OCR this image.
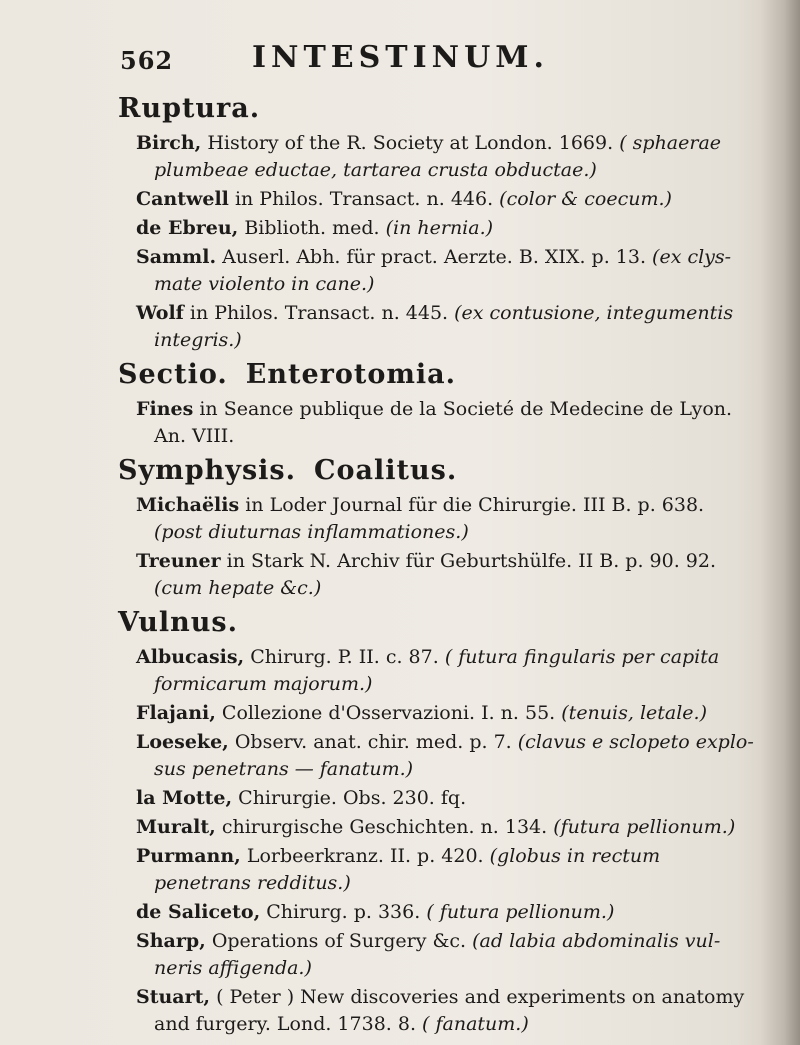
562	INTESTINUM.
Ruptura.

Birch, History of the R. Society at London. 1669. ( sphaerae plumbeae eductae, tartarea crusta obductae.)

Cantwell in Philos. Transact. n. 446. (color & coecum.)

de Ebreu, Biblioth. med. (in herniа.)

Samml. Auserl. Abh. für pract. Aerzte. B. XIX. p. 13. (ex clys-mate violento in cane.)

Wolf in Philos. Transact. n. 445. (ex contusione, integumentis integris.)

Sectio. Enterotomia.

Fines in Seance publique de la Societé de Medecine de Lyon. An. VIII.

Symphysis. Coalitus.

Michaëlis in Loder Journal für die Chirurgie. III B. p. 638. (post diuturnas inflammationes.)

Treuner in Stark N. Archiv für Geburtshülfe. II B. p. 90. 92. (cum hepate &c.)

Vulnus.

Albucasis, Chirurg. P. II. c. 87. ( futura fingularis per capita formicarum majorum.)

Flajani, Collezione d'Osservazioni. I. n. 55. (tenuis, letale.)

Loeseke, Observ. anat. chir. med. p. 7. (clavus e sclopeto explo-sus penetrans — fanatum.)

la Motte, Chirurgie. Obs. 230. fq.

Muralt, chirurgische Geschichten. n. 134. (futura pellionum.)

Purmann, Lorbeerkranz. II. p. 420. (globus in rectum penetrans redditus.)

de Saliceto, Chirurg. p. 336. ( futura pellionum.)

Sharp, Operations of Surgery &c. (ad labia abdominalis vul-neris affigenda.)

Stuart, ( Peter ) New discoveries and experiments on anatomy and furgery. Lond. 1738. 8. ( fanatum.)
